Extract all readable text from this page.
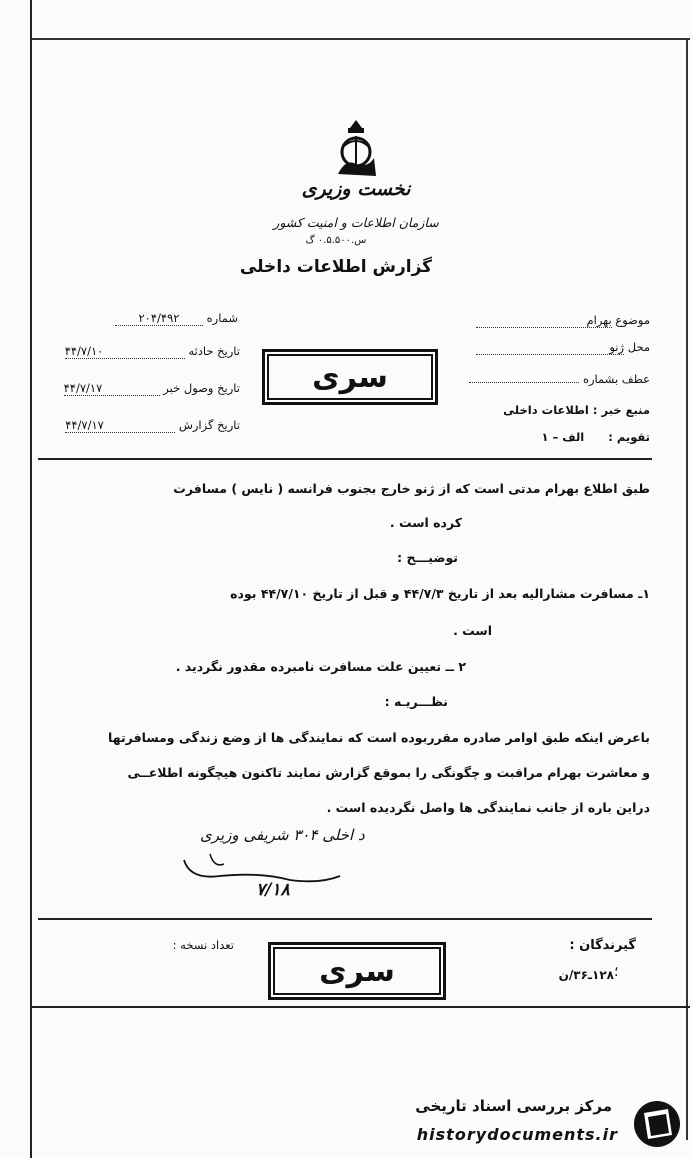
نخست وزیری
سازمان اطلاعات و امنیت کشور
س.۰.۵.۵۰۰ گ
گزارش اطلاعات داخلی
شماره ۲۰۴/۴۹۲
تاریخ حادثه ۴۴/۷/۱۰
تاریخ وصول خبر ۴۴/۷/۱۷
تاریخ گزارش ۴۴/۷/۱۷
سری
موضوع بهرام
محل ژنو
عطف بشماره
منبع خبر : اطلاعات داخلی
تقویم : الف – ۱
طبق اطلاع بهرام مدتی است که از ژنو خارج بجنوب فرانسه ( نایس ) مسافرت
کرده است .
توضیـــح :
۱ـ مسافرت مشارالیه بعد از تاریخ ۴۴/۷/۳ و قبل از تاریخ ۴۴/۷/۱۰ بوده
است .
۲ ــ تعیین علت مسافرت نامبرده مقدور نگردید .
نظـــریـه :
باعرض اینکه طبق اوامر صادره مقرربوده است که نمایندگی ها از وضع زندگی ومسافرتها
و معاشرت بهرام مراقبت و چگونگی را بموقع گزارش نمایند تاکنون هیچگونه اطلاعــی
دراین باره از جانب نمایندگی ها واصل نگردیده است .
د اخلی ۳۰۴ شریفی وزیری
۷/۱۸
گیرندگان :
تعداد نسخه :
؛
سری	۱۲۸ـ۳۶/ن
مرکز بررسی اسناد تاریخی
historydocuments.ir
